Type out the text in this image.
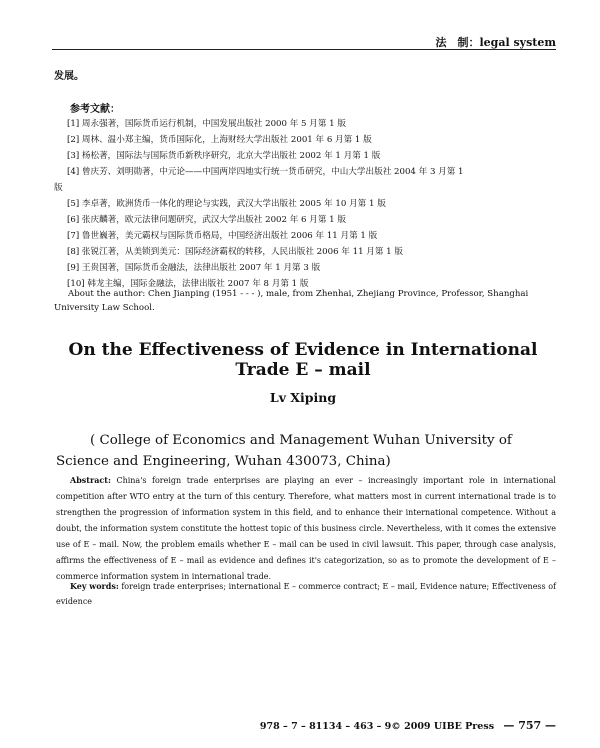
法　制：legal system
发展。
参考文献：
[1] 周永强著，国际货币运行机制，中国发展出版社 2000 年 5 月第 1 版
[2] 周林、温小郑主编，货币国际化，上海财经大学出版社 2001 年 6 月第 1 版
[3] 杨松著，国际法与国际货币新秩序研究，北京大学出版社 2002 年 1 月第 1 版
[4] 曾庆芳、刘明勋著，中元论——中国两岸四地实行统一货币研究，中山大学出版社 2004 年 3 月第 1
版
[5] 李卓著，欧洲货币一体化的理论与实践，武汉大学出版社 2005 年 10 月第 1 版
[6] 张庆麟著，欧元法律问题研究，武汉大学出版社 2002 年 6 月第 1 版
[7] 鲁世巍著，美元霸权与国际货币格局，中国经济出版社 2006 年 11 月第 1 版
[8] 张锐江著，从美锁到美元：国际经济霸权的转移，人民出版社 2006 年 11 月第 1 版
[9] 王贵国著，国际货币金融法，法律出版社 2007 年 1 月第 3 版
[10] 韩龙主编，国际金融法，法律出版社 2007 年 8 月第 1 版

About the author: Chen Jianping (1951 - - - ), male, from Zhenhai, Zhejiang Province, Professor, Shanghai University Law School.

On the Effectiveness of Evidence in International Trade E – mail
Lv Xiping

( College of Economics and Management Wuhan University of Science and Engineering, Wuhan 430073, China)

Abstract: China's foreign trade enterprises are playing an ever – increasingly important role in international competition after WTO entry at the turn of this century. Therefore, what matters most in current international trade is to strengthen the progression of information system in this field, and to enhance their international competence. Without a doubt, the information system constitute the hottest topic of this business circle. Nevertheless, with it comes the extensive use of E – mail. Now, the problem emails whether E – mail can be used in civil lawsuit. This paper, through case analysis, affirms the effectiveness of E – mail as evidence and defines it's categorization, so as to promote the development of E – commerce information system in international trade.

Key words: foreign trade enterprises; international E – commerce contract; E – mail, Evidence nature; Effectiveness of evidence

978 – 7 – 81134 – 463 – 9© 2009 UIBE Press — 757 —
